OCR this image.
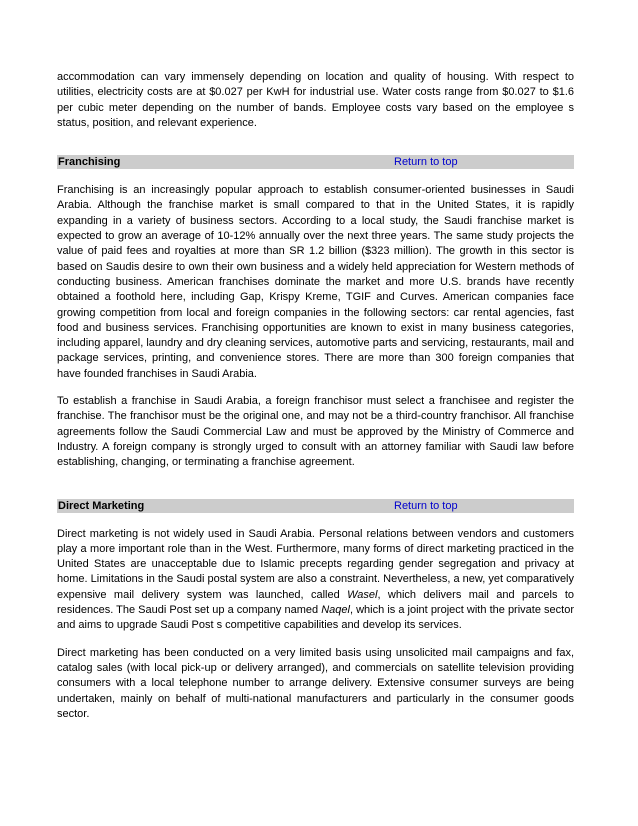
accommodation can vary immensely depending on location and quality of housing. With respect to utilities, electricity costs are at $0.027 per KwH for industrial use. Water costs range from $0.027 to $1.6 per cubic meter depending on the number of bands. Employee costs vary based on the employee s status, position, and relevant experience.

Franchising	Return to top

Franchising is an increasingly popular approach to establish consumer-oriented businesses in Saudi Arabia. Although the franchise market is small compared to that in the United States, it is rapidly expanding in a variety of business sectors. According to a local study, the Saudi franchise market is expected to grow an average of 10-12% annually over the next three years. The same study projects the value of paid fees and royalties at more than SR 1.2 billion ($323 million). The growth in this sector is based on Saudis desire to own their own business and a widely held appreciation for Western methods of conducting business. American franchises dominate the market and more U.S. brands have recently obtained a foothold here, including Gap, Krispy Kreme, TGIF and Curves. American companies face growing competition from local and foreign companies in the following sectors: car rental agencies, fast food and business services. Franchising opportunities are known to exist in many business categories, including apparel, laundry and dry cleaning services, automotive parts and servicing, restaurants, mail and package services, printing, and convenience stores. There are more than 300 foreign companies that have founded franchises in Saudi Arabia.

To establish a franchise in Saudi Arabia, a foreign franchisor must select a franchisee and register the franchise. The franchisor must be the original one, and may not be a third-country franchisor. All franchise agreements follow the Saudi Commercial Law and must be approved by the Ministry of Commerce and Industry. A foreign company is strongly urged to consult with an attorney familiar with Saudi law before establishing, changing, or terminating a franchise agreement.

Direct Marketing	Return to top

Direct marketing is not widely used in Saudi Arabia. Personal relations between vendors and customers play a more important role than in the West. Furthermore, many forms of direct marketing practiced in the United States are unacceptable due to Islamic precepts regarding gender segregation and privacy at home. Limitations in the Saudi postal system are also a constraint. Nevertheless, a new, yet comparatively expensive mail delivery system was launched, called Wasel, which delivers mail and parcels to residences. The Saudi Post set up a company named Naqel, which is a joint project with the private sector and aims to upgrade Saudi Post s competitive capabilities and develop its services.

Direct marketing has been conducted on a very limited basis using unsolicited mail campaigns and fax, catalog sales (with local pick-up or delivery arranged), and commercials on satellite television providing consumers with a local telephone number to arrange delivery. Extensive consumer surveys are being undertaken, mainly on behalf of multi-national manufacturers and particularly in the consumer goods sector.
